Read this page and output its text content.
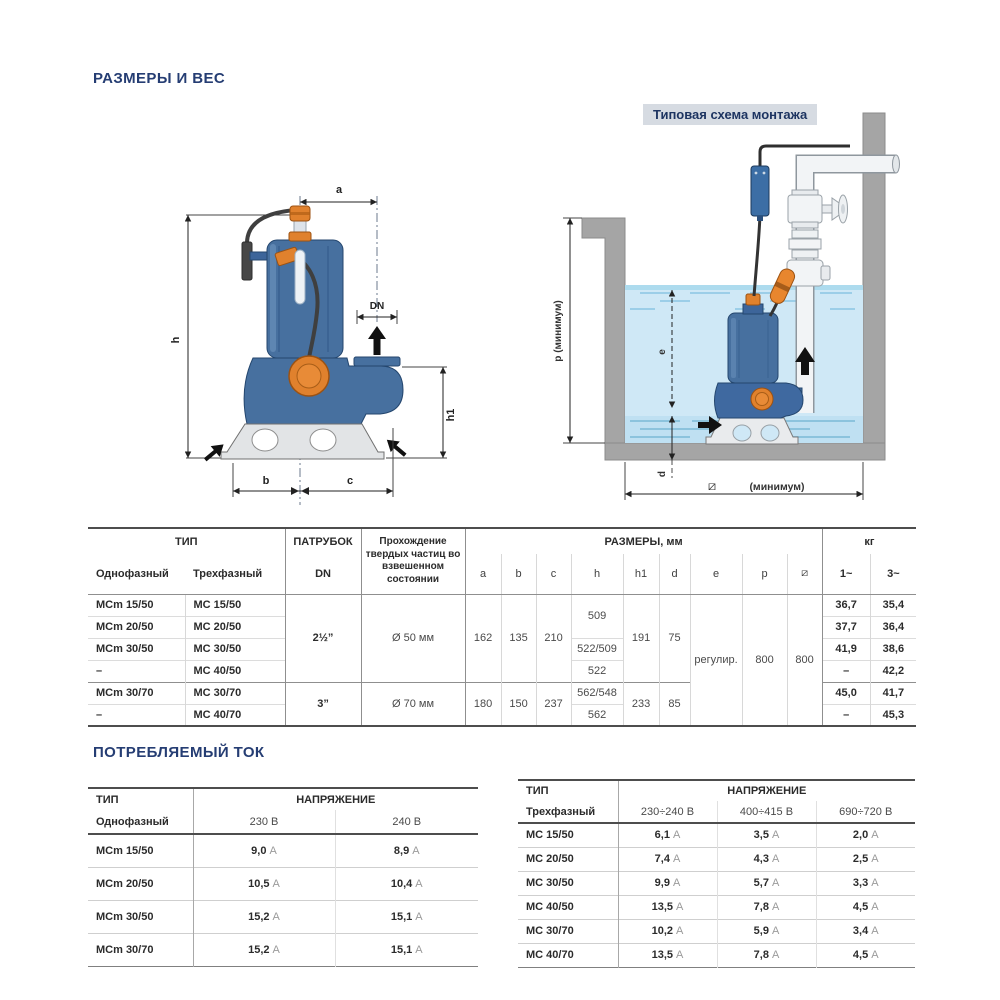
РАЗМЕРЫ И ВЕС
a
h
DN
h1
b	c
p (минимум)	e
d
⧄	(минимум)
Типовая схема монтажа
ТИП		ПАТРУБОК	Прохождение твердых частиц во взвешенном состоянии	РАЗМЕРЫ, мм									кг	
Однофазный	Трехфазный	DN		a	b	c	h	h1	d	e	p	⧄	1~	3~
MCm 15/50	MC 15/50	2½”	Ø 50 мм	162	135	210	509	191	75	регулир.	800	800	36,7	35,4
MCm 20/50	MC 20/50												37,7	36,4
MCm 30/50	MC 30/50						522/509						41,9	38,6
–	MC 40/50						522						–	42,2
MCm 30/70	MC 30/70	3”	Ø 70 мм	180	150	237	562/548	233	85				45,0	41,7
–	MC 40/70						562						–	45,3
ПОТРЕБЛЯЕМЫЙ ТОК
ТИП	НАПРЯЖЕНИЕ	
Однофазный	230 В	240 В
MCm 15/50	9,0 A	8,9 A
MCm 20/50	10,5 A	10,4 A
MCm 30/50	15,2 A	15,1 A
MCm 30/70	15,2 A	15,1 A
ТИП	НАПРЯЖЕНИЕ		
Трехфазный	230÷240 В	400÷415 В	690÷720 В
MC 15/50	6,1 A	3,5 A	2,0 A
MC 20/50	7,4 A	4,3 A	2,5 A
MC 30/50	9,9 A	5,7 A	3,3 A
MC 40/50	13,5 A	7,8 A	4,5 A
MC 30/70	10,2 A	5,9 A	3,4 A
MC 40/70	13,5 A	7,8 A	4,5 A
